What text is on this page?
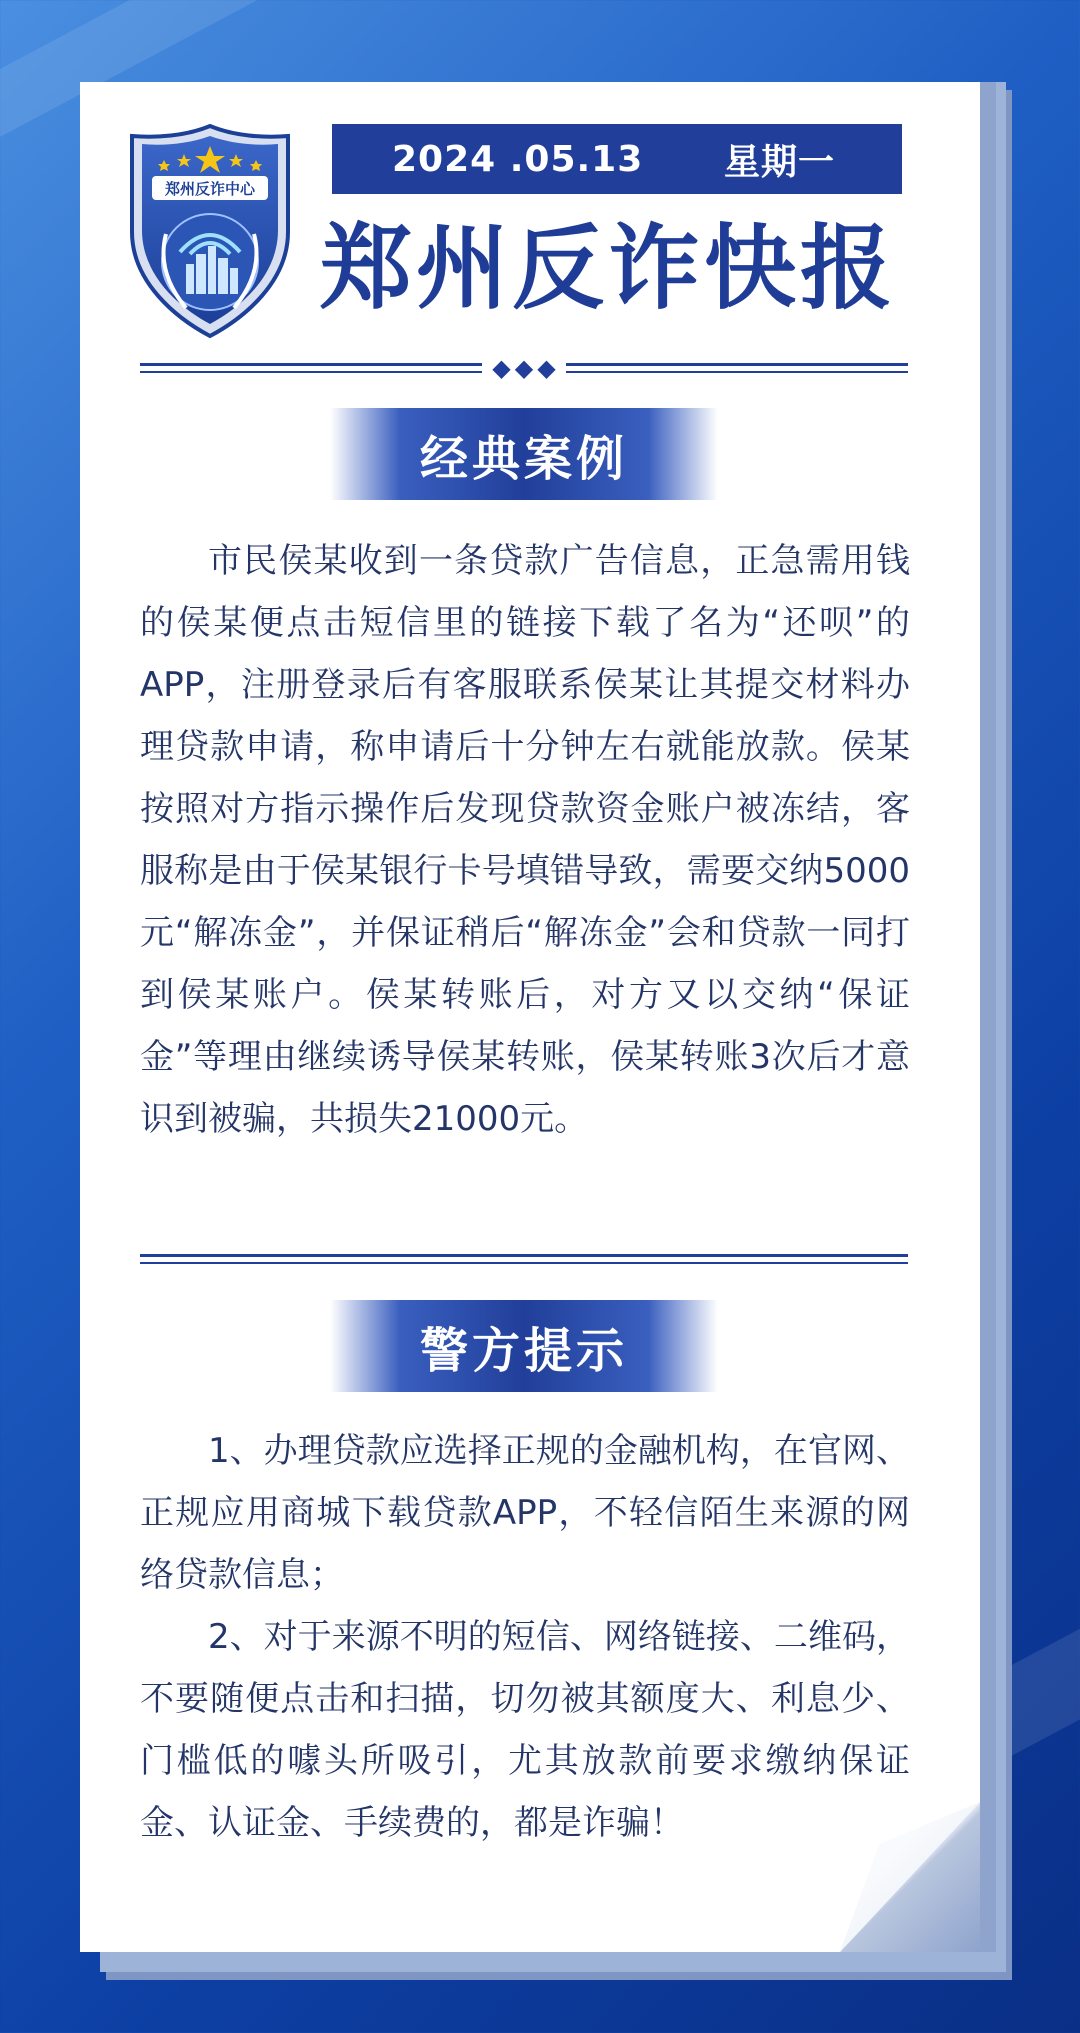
郑州反诈中心
2024 .05.13 星期一
郑州反诈快报
◆ ◆ ◆
经典案例

市民侯某收到一条贷款广告信息，正急需用钱的侯某便点击短信里的链接下载了名为“还呗”的APP，注册登录后有客服联系侯某让其提交材料办理贷款申请，称申请后十分钟左右就能放款。侯某按照对方指示操作后发现贷款资金账户被冻结，客服称是由于侯某银行卡号填错导致，需要交纳5000元“解冻金”，并保证稍后“解冻金”会和贷款一同打到侯某账户。侯某转账后，对方又以交纳“保证金”等理由继续诱导侯某转账，侯某转账3次后才意识到被骗，共损失21000元。

警方提示

1、办理贷款应选择正规的金融机构，在官网、正规应用商城下载贷款APP，不轻信陌生来源的网络贷款信息；

2、对于来源不明的短信、网络链接、二维码，不要随便点击和扫描，切勿被其额度大、利息少、门槛低的噱头所吸引，尤其放款前要求缴纳保证金、认证金、手续费的，都是诈骗！
